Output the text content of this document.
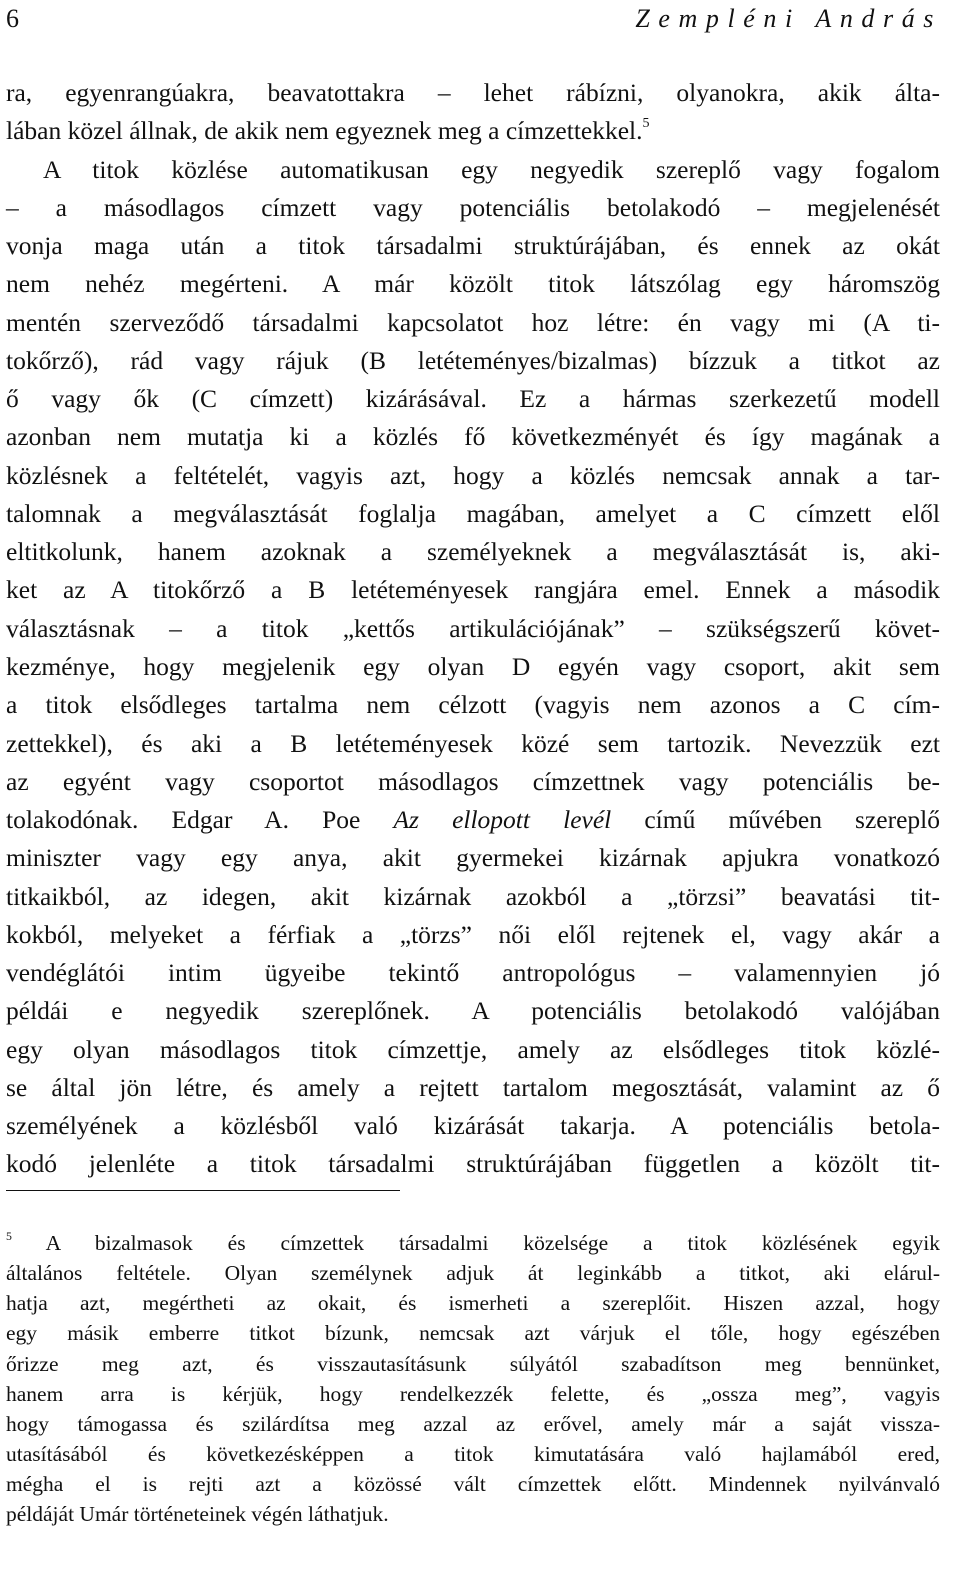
6	Zempléni András
ra, egyenrangúakra, beavatottakra – lehet rábízni, olyanokra, akik álta-
lában közel állnak, de akik nem egyeznek meg a címzettekkel.$^5$
A titok közlése automatikusan egy negyedik szereplő vagy fogalom
– a másodlagos címzett vagy potenciális betolakodó – megjelenését
vonja maga után a titok társadalmi struktúrájában, és ennek az okát
nem nehéz megérteni. A már közölt titok látszólag egy háromszög
mentén szerveződő társadalmi kapcsolatot hoz létre: én vagy mi (A ti-
tokőrző), rád vagy rájuk (B letéteményes/bizalmas) bízzuk a titkot az
ő vagy ők (C címzett) kizárásával. Ez a hármas szerkezetű modell
azonban nem mutatja ki a közlés fő következményét és így magának a
közlésnek a feltételét, vagyis azt, hogy a közlés nemcsak annak a tar-
talomnak a megválasztását foglalja magában, amelyet a C címzett elől
eltitkolunk, hanem azoknak a személyeknek a megválasztását is, aki-
ket az A titokőrző a B letéteményesek rangjára emel. Ennek a második
választásnak – a titok „kettős artikulációjának” – szükségszerű követ-
kezménye, hogy megjelenik egy olyan D egyén vagy csoport, akit sem
a titok elsődleges tartalma nem célzott (vagyis nem azonos a C cím-
zettekkel), és aki a B letéteményesek közé sem tartozik. Nevezzük ezt
az egyént vagy csoportot másodlagos címzettnek vagy potenciális be-
tolakodónak. Edgar A. Poe Az ellopott levél című művében szereplő
miniszter vagy egy anya, akit gyermekei kizárnak apjukra vonatkozó
titkaikból, az idegen, akit kizárnak azokból a „törzsi” beavatási tit-
kokból, melyeket a férfiak a „törzs” női elől rejtenek el, vagy akár a
vendéglátói intim ügyeibe tekintő antropológus – valamennyien jó
példái e negyedik szereplőnek. A potenciális betolakodó valójában
egy olyan másodlagos titok címzettje, amely az elsődleges titok közlé-
se által jön létre, és amely a rejtett tartalom megosztását, valamint az ő
személyének a közlésből való kizárását takarja. A potenciális betola-
kodó jelenléte a titok társadalmi struktúrájában független a közölt tit-
$^5$ A bizalmasok és címzettek társadalmi közelsége a titok közlésének egyik
általános feltétele. Olyan személynek adjuk át leginkább a titkot, aki elárul-
hatja azt, megértheti az okait, és ismerheti a szereplőit. Hiszen azzal, hogy
egy másik emberre titkot bízunk, nemcsak azt várjuk el tőle, hogy egészében
őrizze meg azt, és visszautasításunk súlyától szabadítson meg bennünket,
hanem arra is kérjük, hogy rendelkezzék felette, és „ossza meg”, vagyis
hogy támogassa és szilárdítsa meg azzal az erővel, amely már a saját vissza-
utasításából és következésképpen a titok kimutatására való hajlamából ered,
mégha el is rejti azt a közössé vált címzettek előtt. Mindennek nyilvánvaló
példáját Umár történeteinek végén láthatjuk.
